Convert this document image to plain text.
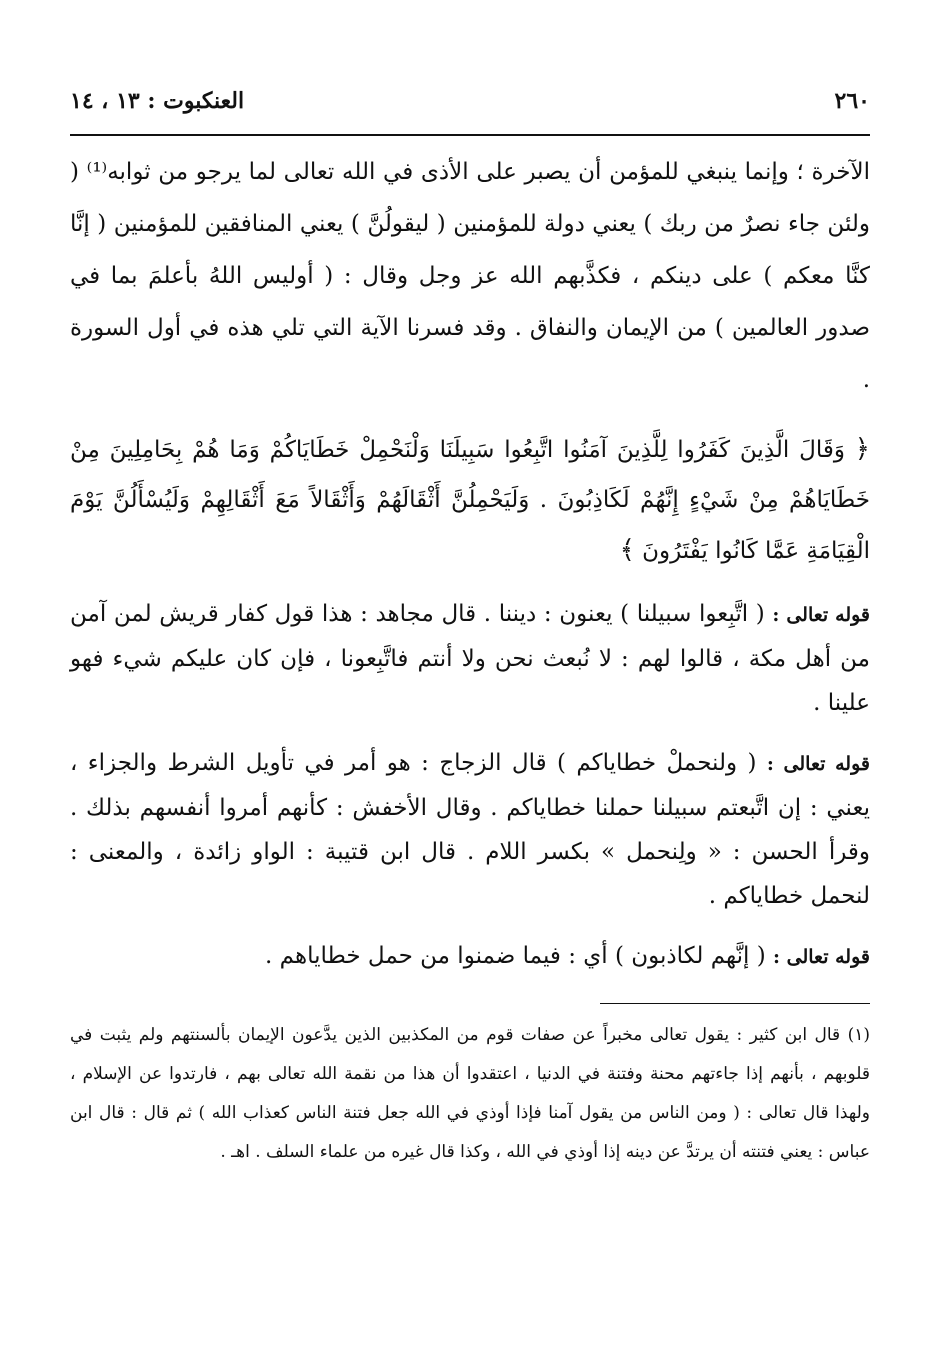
٢٦٠
العنكبوت : ١٣ ، ١٤

الآخرة ؛ وإنما ينبغي للمؤمن أن يصبر على الأذى في الله تعالى لما يرجو من ثوابه⁽¹⁾ ( ولئن جاء نصرٌ من ربك ) يعني دولة للمؤمنين ( ليقولُنَّ ) يعني المنافقين للمؤمنين ( إنَّا كنَّا معكم ) على دينكم ، فكذَّبهم الله عز وجل وقال : ( أوليس اللهُ بأعلمَ بما في صدور العالمين ) من الإيمان والنفاق . وقد فسرنا الآية التي تلي هذه في أول السورة .

﴿ وَقَالَ الَّذِينَ كَفَرُوا لِلَّذِينَ آمَنُوا اتَّبِعُوا سَبِيلَنَا وَلْنَحْمِلْ خَطَايَاكُمْ وَمَا هُمْ بِحَامِلِينَ مِنْ خَطَايَاهُمْ مِنْ شَيْءٍ إِنَّهُمْ لَكَاذِبُونَ . وَلَيَحْمِلُنَّ أَثْقَالَهُمْ وَأَثْقَالاً مَعَ أَثْقَالِهِمْ وَلَيُسْأَلُنَّ يَوْمَ الْقِيَامَةِ عَمَّا كَانُوا يَفْتَرُونَ ﴾

قوله تعالى : ( اتَّبِعوا سبيلنا ) يعنون : ديننا . قال مجاهد : هذا قول كفار قريش لمن آمن من أهل مكة ، قالوا لهم : لا نُبعث نحن ولا أنتم فاتَّبِعونا ، فإن كان عليكم شيء فهو علينا .

قوله تعالى : ( ولنحملْ خطاياكم ) قال الزجاج : هو أمر في تأويل الشرط والجزاء ، يعني : إن اتَّبعتم سبيلنا حملنا خطاياكم . وقال الأخفش : كأنهم أمروا أنفسهم بذلك . وقرأ الحسن : « ولِنحمل » بكسر اللام . قال ابن قتيبة : الواو زائدة ، والمعنى : لنحمل خطاياكم .

قوله تعالى : ( إنَّهم لكاذبون ) أي : فيما ضمنوا من حمل خطاياهم .

(١) قال ابن كثير : يقول تعالى مخبراً عن صفات قوم من المكذبين الذين يدَّعون الإيمان بألسنتهم ولم يثبت في قلوبهم ، بأنهم إذا جاءتهم محنة وفتنة في الدنيا ، اعتقدوا أن هذا من نقمة الله تعالى بهم ، فارتدوا عن الإسلام ، ولهذا قال تعالى : ( ومن الناس من يقول آمنا فإذا أوذي في الله جعل فتنة الناس كعذاب الله ) ثم قال : قال ابن عباس : يعني فتنته أن يرتدَّ عن دينه إذا أوذي في الله ، وكذا قال غيره من علماء السلف . اهـ .
